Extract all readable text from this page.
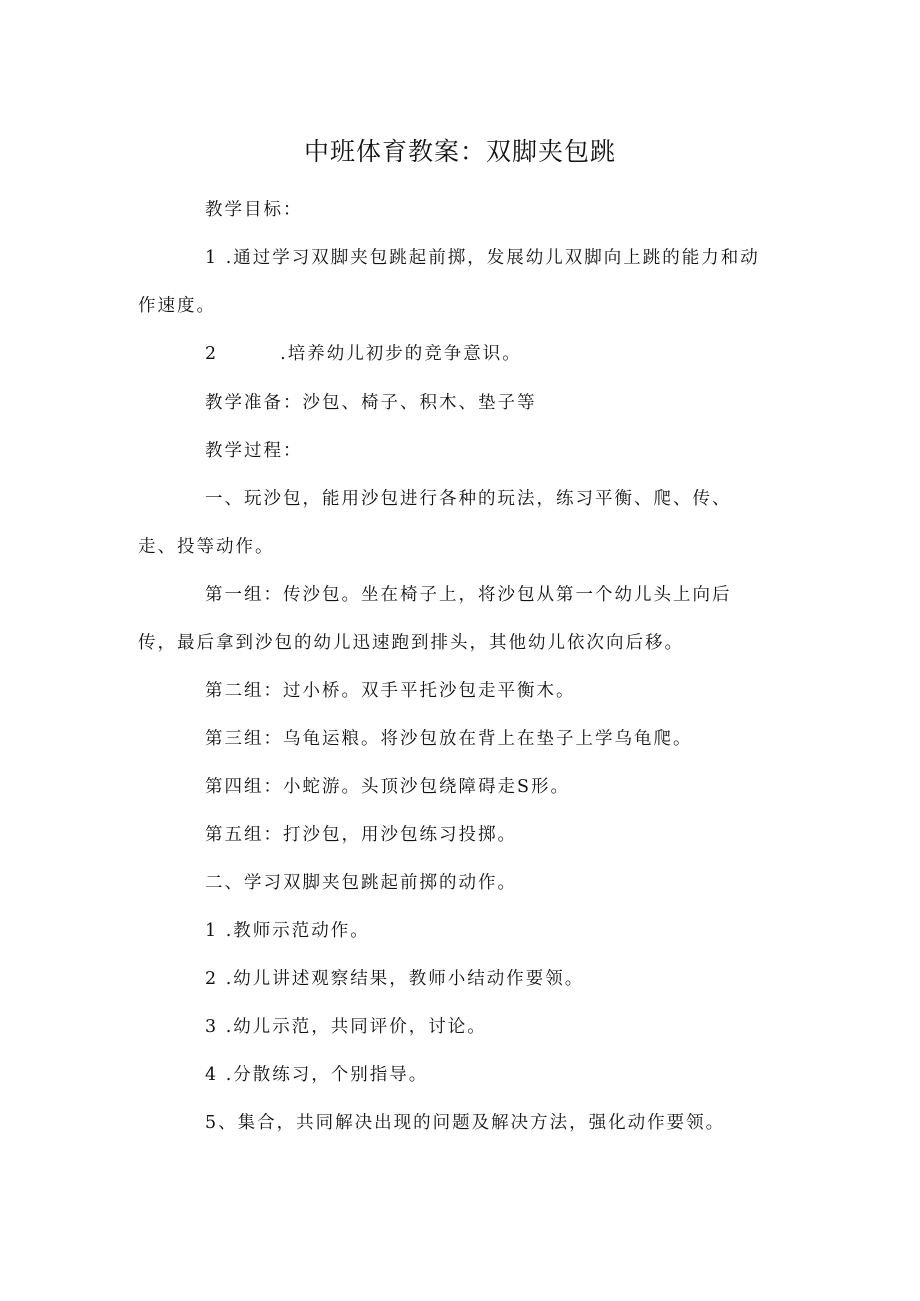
中班体育教案：双脚夹包跳
教学目标：
1 .通过学习双脚夹包跳起前掷，发展幼儿双脚向上跳的能力和动
作速度。
2	.培养幼儿初步的竞争意识。
教学准备：沙包、椅子、积木、垫子等
教学过程：
一、玩沙包，能用沙包进行各种的玩法，练习平衡、爬、传、
走、投等动作。
第一组：传沙包。坐在椅子上，将沙包从第一个幼儿头上向后
传，最后拿到沙包的幼儿迅速跑到排头，其他幼儿依次向后移。
第二组：过小桥。双手平托沙包走平衡木。
第三组：乌龟运粮。将沙包放在背上在垫子上学乌龟爬。
第四组：小蛇游。头顶沙包绕障碍走S形。
第五组：打沙包，用沙包练习投掷。
二、学习双脚夹包跳起前掷的动作。
1 .教师示范动作。
2 .幼儿讲述观察结果，教师小结动作要领。
3 .幼儿示范，共同评价，讨论。
4 .分散练习，个别指导。
5、集合，共同解决出现的问题及解决方法，强化动作要领。
